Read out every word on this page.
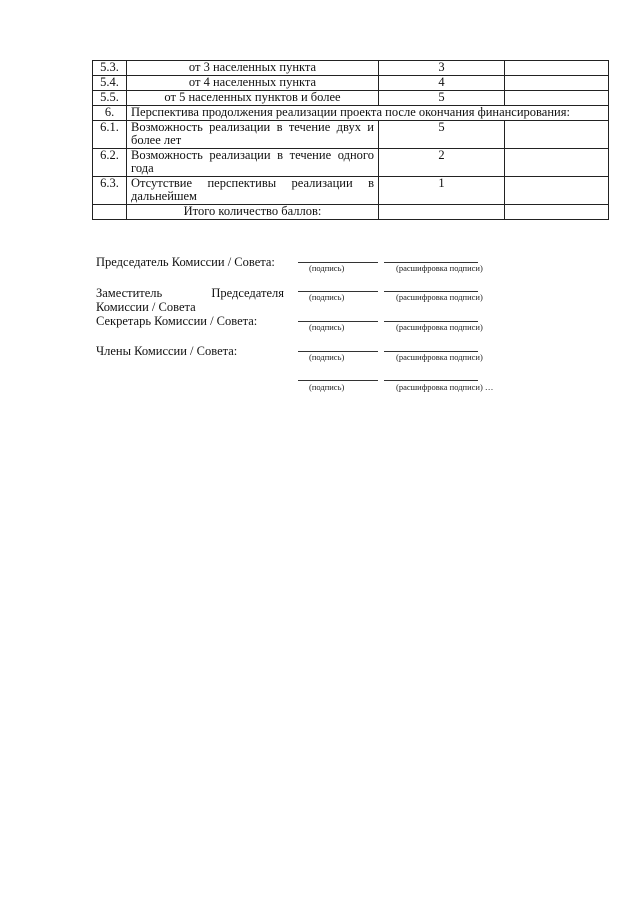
5.3.	от 3 населенных пункта	3	
5.4.	от 4 населенных пункта	4	
5.5.	от 5 населенных пунктов и более	5	
6.	Перспектива продолжения реализации проекта после окончания финансирования:		
6.1.	Возможность реализации в течение двух и более лет	5	
6.2.	Возможность реализации в течение одного года	2	
6.3.	Отсутствие перспективы реализации в дальнейшем	1	
	Итого количество баллов:		
Председатель Комиссии / Совета:	(подпись)	(расшифровка подписи)
Заместитель	Председателя
Комиссии / Совета
(подпись)	(расшифровка подписи)
Секретарь Комиссии / Совета:	(подпись)	(расшифровка подписи)
Члены Комиссии / Совета:	(подпись)	(расшифровка подписи)
(подпись)	(расшифровка подписи) …
